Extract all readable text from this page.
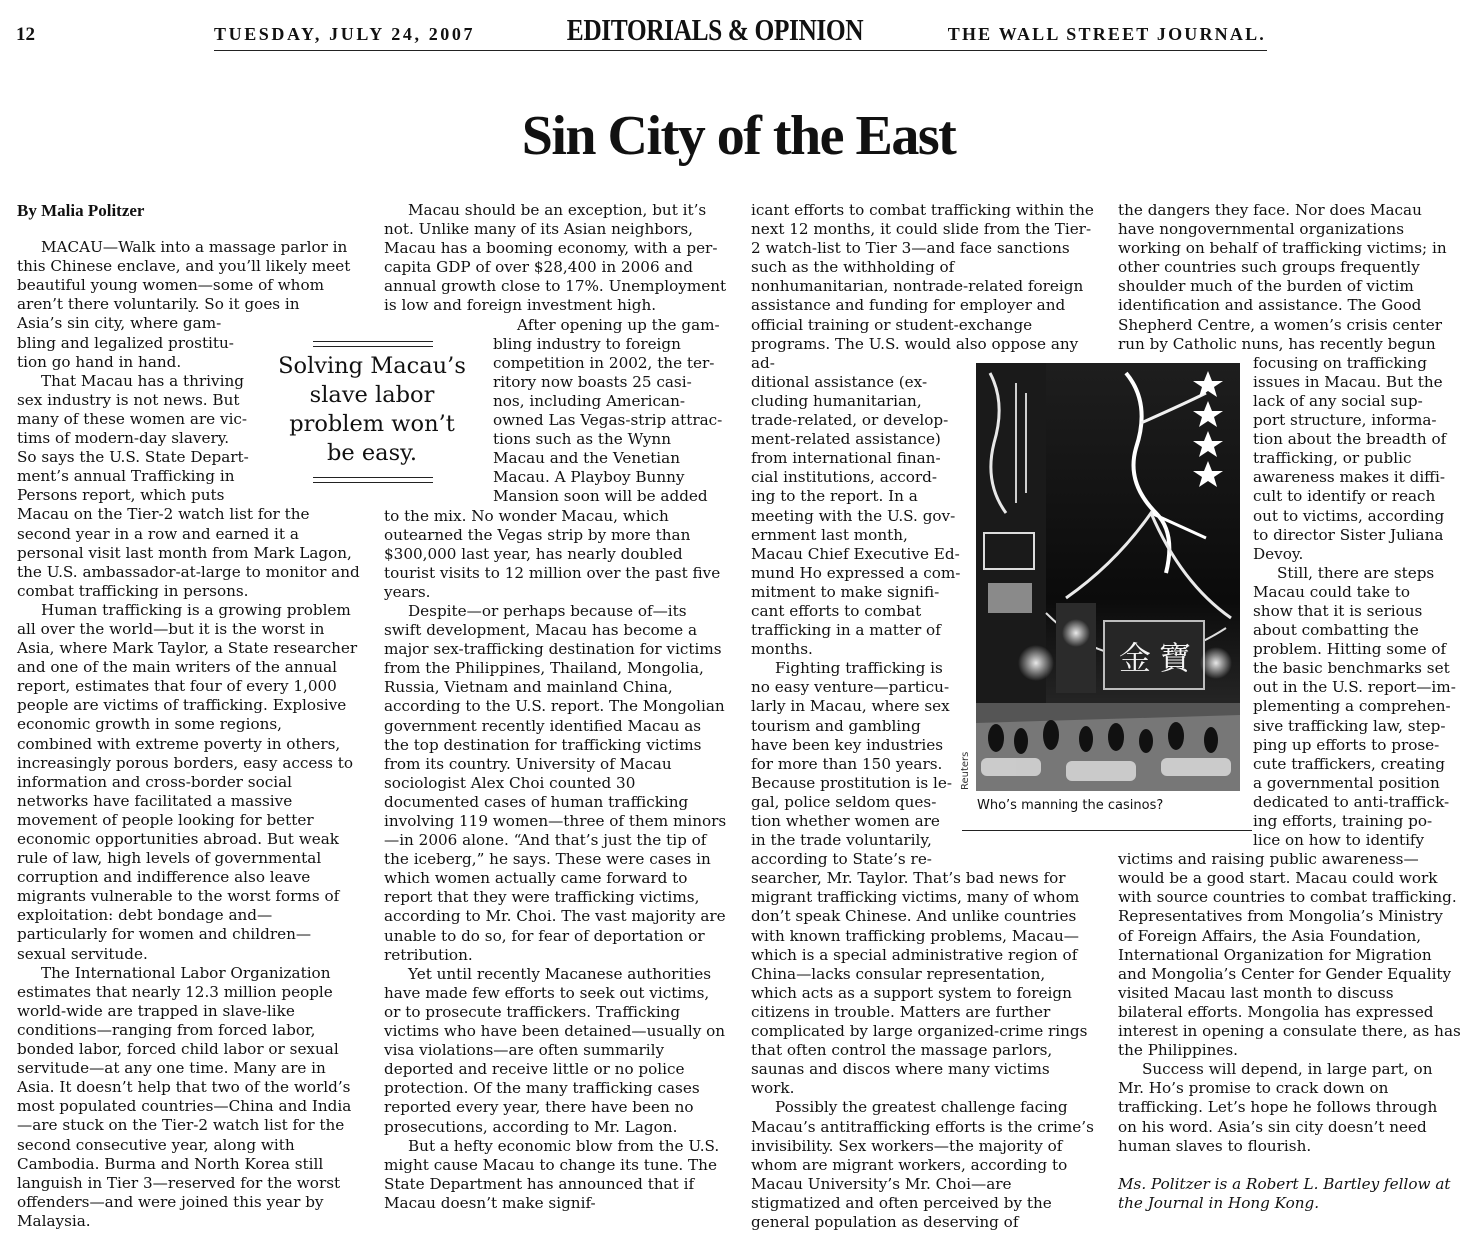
12	TUESDAY, JULY 24, 2007	EDITORIALS & OPINION	THE WALL STREET JOURNAL.
Sin City of the East

By Malia Politzer

MACAU—Walk into a massage parlor in this Chinese enclave, and you’ll likely meet beautiful young women—some of whom aren’t there voluntarily. So it goes in

Asia’s sin city, where gam-

bling and legalized prostitu-

tion go hand in hand.

That Macau has a thriving

sex industry is not news. But

many of these women are vic-

tims of modern-day slavery.

So says the U.S. State Depart-

ment’s annual Trafficking in

Persons report, which puts

Macau on the Tier-2 watch list for the second year in a row and earned it a personal visit last month from Mark Lagon, the U.S. ambassador-at-large to monitor and combat trafficking in persons.

Human trafficking is a growing problem all over the world—but it is the worst in Asia, where Mark Taylor, a State researcher and one of the main writers of the annual report, estimates that four of every 1,000 people are victims of trafficking. Explosive economic growth in some regions, combined with extreme poverty in others, increasingly porous borders, easy access to information and cross-border social networks have facilitated a massive movement of people looking for better economic opportunities abroad. But weak rule of law, high levels of governmental corruption and indifference also leave migrants vulnerable to the worst forms of exploitation: debt bondage and—particularly for women and children—sexual servitude.

The International Labor Organization estimates that nearly 12.3 million people world-wide are trapped in slave-like conditions—ranging from forced labor, bonded labor, forced child labor or sexual servitude—at any one time. Many are in Asia. It doesn’t help that two of the world’s most populated countries—China and India—are stuck on the Tier-2 watch list for the second consecutive year, along with Cambodia. Burma and North Korea still languish in Tier 3—reserved for the worst offenders—and were joined this year by Malaysia.

Solving Macau’s slave labor problem won’t be easy.

Macau should be an exception, but it’s not. Unlike many of its Asian neighbors, Macau has a booming economy, with a per-capita GDP of over $28,400 in 2006 and annual growth close to 17%. Unemployment is low and foreign investment high.

After opening up the gam-

bling industry to foreign

competition in 2002, the ter-

ritory now boasts 25 casi-

nos, including American-

owned Las Vegas-strip attrac-

tions such as the Wynn

Macau and the Venetian

Macau. A Playboy Bunny

Mansion soon will be added

to the mix. No wonder Macau, which outearned the Vegas strip by more than $300,000 last year, has nearly doubled tourist visits to 12 million over the past five years.

Despite—or perhaps because of—its swift development, Macau has become a major sex-trafficking destination for victims from the Philippines, Thailand, Mongolia, Russia, Vietnam and mainland China, according to the U.S. report. The Mongolian government recently identified Macau as the top destination for trafficking victims from its country. University of Macau sociologist Alex Choi counted 30 documented cases of human trafficking involving 119 women—three of them minors—in 2006 alone. “And that’s just the tip of the iceberg,” he says. These were cases in which women actually came forward to report that they were trafficking victims, according to Mr. Choi. The vast majority are unable to do so, for fear of deportation or retribution.

Yet until recently Macanese authorities have made few efforts to seek out victims, or to prosecute traffickers. Trafficking victims who have been detained—usually on visa violations—are often summarily deported and receive little or no police protection. Of the many trafficking cases reported every year, there have been no prosecutions, according to Mr. Lagon.

But a hefty economic blow from the U.S. might cause Macau to change its tune. The State Department has announced that if Macau doesn’t make signif-

icant efforts to combat trafficking within the next 12 months, it could slide from the Tier-2 watch-list to Tier 3—and face sanctions such as the withholding of nonhumanitarian, nontrade-related foreign assistance and funding for employer and official training or student-exchange programs. The U.S. would also oppose any ad-

ditional assistance (ex-

cluding humanitarian,

trade-related, or develop-

ment-related assistance)

from international finan-

cial institutions, accord-

ing to the report. In a

meeting with the U.S. gov-

ernment last month,

Macau Chief Executive Ed-

mund Ho expressed a com-

mitment to make signifi-

cant efforts to combat

trafficking in a matter of

months.

Fighting trafficking is

no easy venture—particu-

larly in Macau, where sex

tourism and gambling

have been key industries

for more than 150 years.

Because prostitution is le-

gal, police seldom ques-

tion whether women are

in the trade voluntarily,

according to State’s re-

searcher, Mr. Taylor. That’s bad news for migrant trafficking victims, many of whom don’t speak Chinese. And unlike countries with known trafficking problems, Macau—which is a special administrative region of China—lacks consular representation, which acts as a support system to foreign citizens in trouble. Matters are further complicated by large organized-crime rings that often control the massage parlors, saunas and discos where many victims work.

Possibly the greatest challenge facing Macau’s antitrafficking efforts is the crime’s invisibility. Sex workers—the majority of whom are migrant workers, according to Macau University’s Mr. Choi—are stigmatized and often perceived by the general population as deserving of

金 寶
Reuters
Who’s manning the casinos?

the dangers they face. Nor does Macau have nongovernmental organizations working on behalf of trafficking victims; in other countries such groups frequently shoulder much of the burden of victim identification and assistance. The Good Shepherd Centre, a women’s crisis center run by Catholic nuns, has recently begun

focusing on trafficking

issues in Macau. But the

lack of any social sup-

port structure, informa-

tion about the breadth of

trafficking, or public

awareness makes it diffi-

cult to identify or reach

out to victims, according

to director Sister Juliana

Devoy.

Still, there are steps

Macau could take to

show that it is serious

about combatting the

problem. Hitting some of

the basic benchmarks set

out in the U.S. report—im-

plementing a comprehen-

sive trafficking law, step-

ping up efforts to prose-

cute traffickers, creating

a governmental position

dedicated to anti-traffick-

ing efforts, training po-

lice on how to identify

victims and raising public awareness—would be a good start. Macau could work with source countries to combat trafficking. Representatives from Mongolia’s Ministry of Foreign Affairs, the Asia Foundation, International Organization for Migration and Mongolia’s Center for Gender Equality visited Macau last month to discuss bilateral efforts. Mongolia has expressed interest in opening a consulate there, as has the Philippines.

Success will depend, in large part, on Mr. Ho’s promise to crack down on trafficking. Let’s hope he follows through on his word. Asia’s sin city doesn’t need human slaves to flourish.

Ms. Politzer is a Robert L. Bartley fellow at the Journal in Hong Kong.
